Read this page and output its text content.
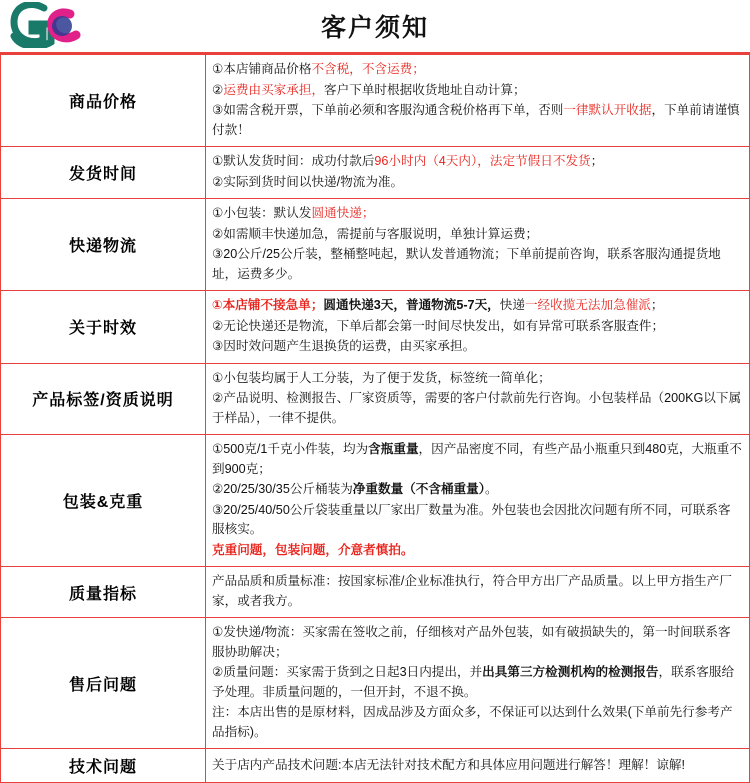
客户须知
商品价格	①本店铺商品价格不含税，不含运费；

②运费由买家承担，客户下单时根据收货地址自动计算；

③如需含税开票，下单前必须和客服沟通含税价格再下单，否则一律默认开收据，下单前请谨慎付款！

发货时间	①默认发货时间：成功付款后96小时内（4天内），法定节假日不发货；

②实际到货时间以快递/物流为准。

快递物流	①小包装：默认发圆通快递；

②如需顺丰快递加急，需提前与客服说明，单独计算运费；

③20公斤/25公斤装，整桶整吨起，默认发普通物流；下单前提前咨询，联系客服沟通提货地址，运费多少。

关于时效	①本店铺不接急单；圆通快递3天，普通物流5-7天，快递一经收揽无法加急催派；

②无论快递还是物流，下单后都会第一时间尽快发出，如有异常可联系客服查件；

③因时效问题产生退换货的运费，由买家承担。

产品标签/资质说明	①小包装均属于人工分装，为了便于发货，标签统一简单化；

②产品说明、检测报告、厂家资质等，需要的客户付款前先行咨询。小包装样品（200KG以下属于样品），一律不提供。

包装&克重	①500克/1千克小件装，均为含瓶重量，因产品密度不同，有些产品小瓶重只到480克，大瓶重不到900克；

②20/25/30/35公斤桶装为净重数量（不含桶重量）。

③20/25/40/50公斤袋装重量以厂家出厂数量为准。外包装也会因批次问题有所不同，可联系客服核实。

克重问题，包装问题，介意者慎拍。

质量指标	产品品质和质量标准：按国家标准/企业标准执行，符合甲方出厂产品质量。以上甲方指生产厂家，或者我方。

售后问题	①发快递/物流：买家需在签收之前，仔细核对产品外包装，如有破损缺失的，第一时间联系客服协助解决；

②质量问题：买家需于货到之日起3日内提出，并出具第三方检测机构的检测报告，联系客服给予处理。非质量问题的，一但开封，不退不换。

注：本店出售的是原材料，因成品涉及方面众多，不保证可以达到什么效果(下单前先行参考产品指标)。

技术问题	关于店内产品技术问题:本店无法针对技术配方和具体应用问题进行解答！理解！谅解!
